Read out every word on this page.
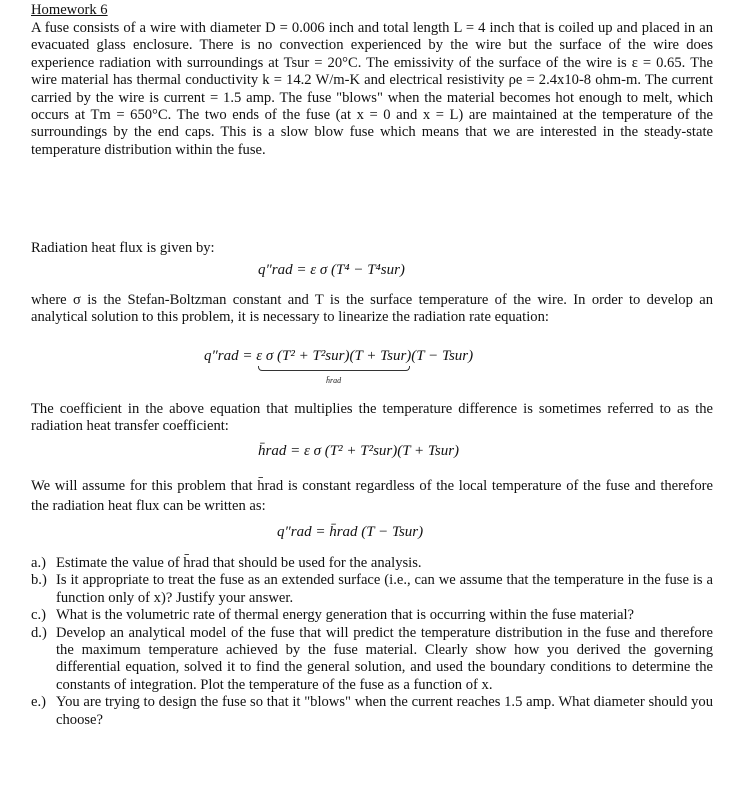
Homework 6

A fuse consists of a wire with diameter D = 0.006 inch and total length L = 4 inch that is coiled up and placed in an evacuated glass enclosure. There is no convection experienced by the wire but the surface of the wire does experience radiation with surroundings at Tsur = 20°C. The emissivity of the surface of the wire is ε = 0.65. The wire material has thermal conductivity k = 14.2 W/m-K and electrical resistivity ρe = 2.4x10-8 ohm-m. The current carried by the wire is current = 1.5 amp. The fuse "blows" when the material becomes hot enough to melt, which occurs at Tm = 650°C. The two ends of the fuse (at x = 0 and x = L) are maintained at the temperature of the surroundings by the end caps. This is a slow blow fuse which means that we are interested in the steady-state temperature distribution within the fuse.

Radiation heat flux is given by:

q″rad = ε σ (T⁴ − T⁴sur)

where σ is the Stefan-Boltzman constant and T is the surface temperature of the wire. In order to develop an analytical solution to this problem, it is necessary to linearize the radiation rate equation:

q″rad = ε σ (T² + T²sur)(T + Tsur)(T − Tsur)
h̄rad

The coefficient in the above equation that multiplies the temperature difference is sometimes referred to as the radiation heat transfer coefficient:

h̄rad = ε σ (T² + T²sur)(T + Tsur)

We will assume for this problem that h̄rad is constant regardless of the local temperature of the fuse and therefore the radiation heat flux can be written as:

q″rad = h̄rad (T − Tsur)
a.) Estimate the value of h̄rad that should be used for the analysis.
b.) Is it appropriate to treat the fuse as an extended surface (i.e., can we assume that the temperature in the fuse is a function only of x)? Justify your answer.
c.) What is the volumetric rate of thermal energy generation that is occurring within the fuse material?
d.) Develop an analytical model of the fuse that will predict the temperature distribution in the fuse and therefore the maximum temperature achieved by the fuse material. Clearly show how you derived the governing differential equation, solved it to find the general solution, and used the boundary conditions to determine the constants of integration. Plot the temperature of the fuse as a function of x.
e.) You are trying to design the fuse so that it "blows" when the current reaches 1.5 amp. What diameter should you choose?
